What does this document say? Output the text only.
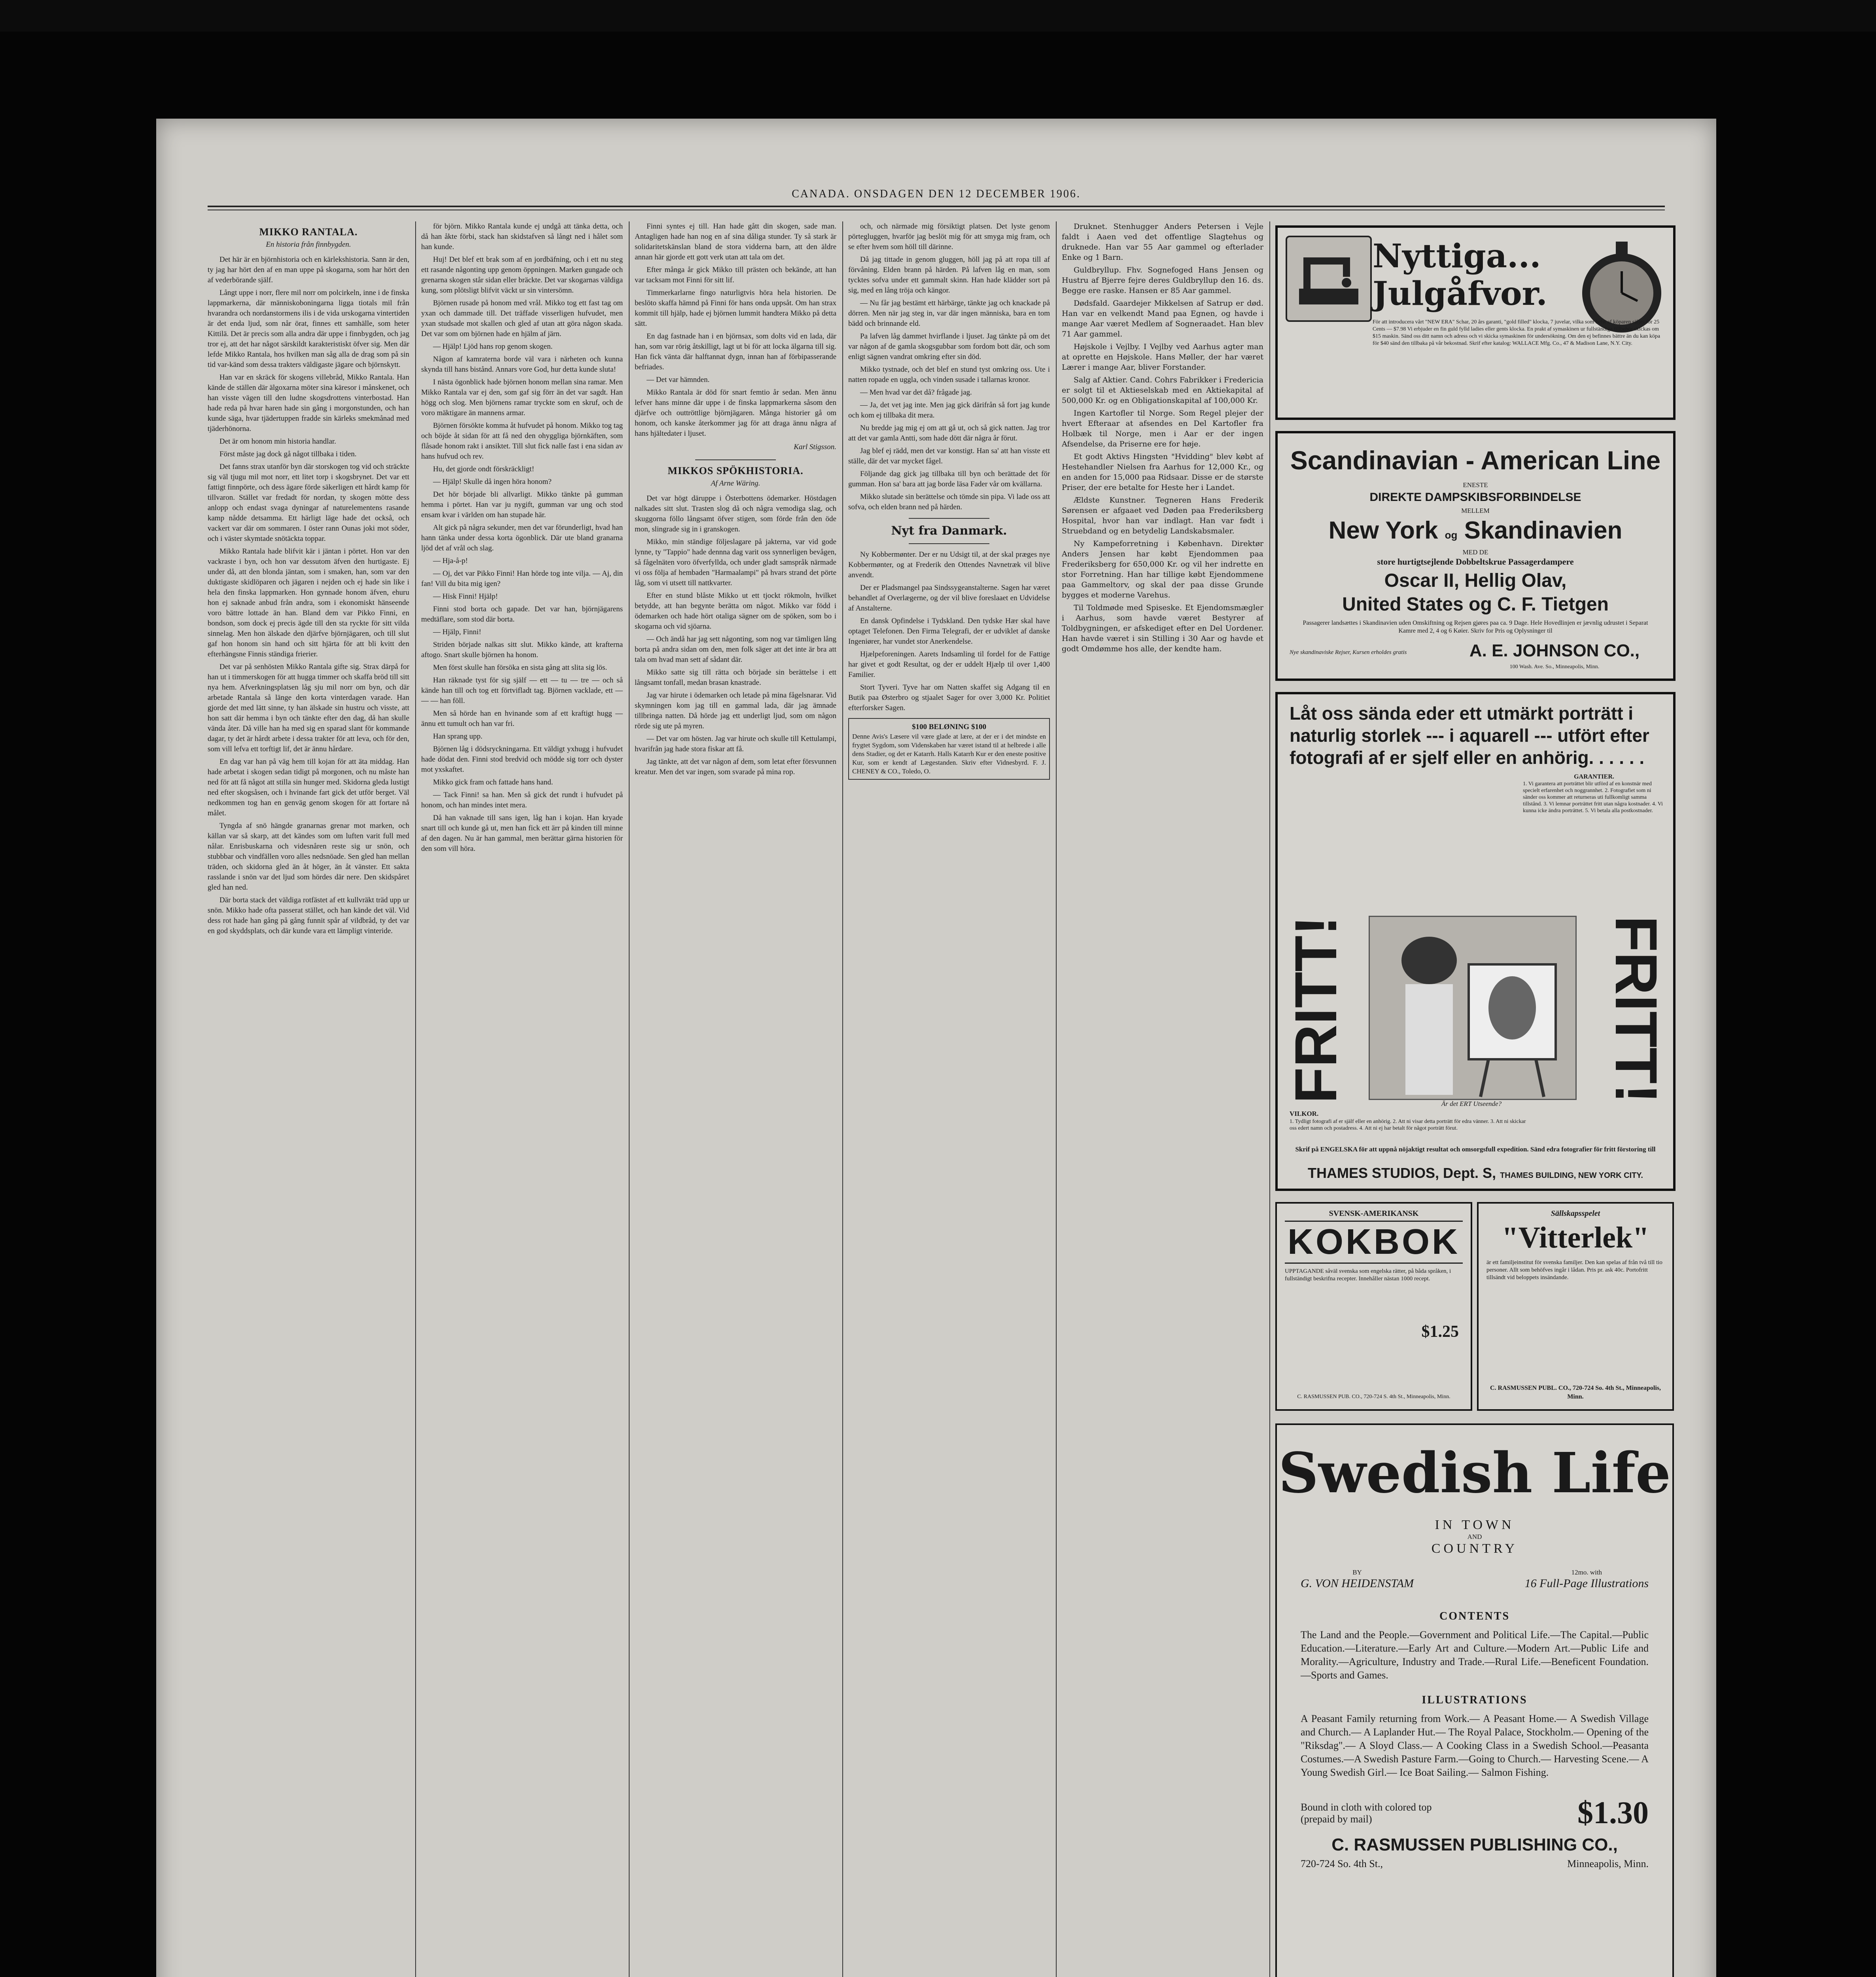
CANADA. ONSDAGEN DEN 12 DECEMBER 1906.
MIKKO RANTALA.
En historia från finnbygden.

Det här är en björnhistoria och en kärlekshistoria. Sann är den, ty jag har hört den af en man uppe på skogarna, som har hört den af vederbörande själf.

Långt uppe i norr, flere mil norr om polcirkeln, inne i de finska lappmarkerna, där människoboningarna ligga tiotals mil från hvarandra och nordanstormens ilis i de vida urskogarna vintertiden är det enda ljud, som når örat, finnes ett samhälle, som heter Kittilä. Det är precis som alla andra där uppe i finnbygden, och jag tror ej, att det har något särskildt karakteristiskt öfver sig. Men där lefde Mikko Rantala, hos hvilken man såg alla de drag som på sin tid var-känd som dessa trakters väldigaste jägare och björnskytt.

Han var en skräck för skogens villebråd, Mikko Rantala. Han kände de ställen där älgoxarna möter sina käresor i månskenet, och han visste vägen till den ludne skogsdrottens vinterbostad. Han hade reda på hvar haren hade sin gång i morgonstunden, och han kunde säga, hvar tjädertuppen fradde sin kärleks smekmånad med tjäderhönorna.

Det är om honom min historia handlar.

Först måste jag dock gå något tillbaka i tiden.

Det fanns strax utanför byn där storskogen tog vid och sträckte sig väl tjugu mil mot norr, ett litet torp i skogsbrynet. Det var ett fattigt finnpörte, och dess ägare förde säkerligen ett hårdt kamp för tillvaron. Stället var fredadt för nordan, ty skogen mötte dess anlopp och endast svaga dyningar af naturelementens rasande kamp nådde detsamma. Ett härligt läge hade det också, och vackert var där om sommaren. I öster rann Ounas joki mot söder, och i väster skymtade snötäckta toppar.

Mikko Rantala hade blifvit kär i jäntan i pörtet. Hon var den vackraste i byn, och hon var dessutom äfven den hurtigaste. Ej under då, att den blonda jäntan, som i smaken, han, som var den duktigaste skidlöparen och jägaren i nejden och ej hade sin like i hela den finska lappmarken. Hon gynnade honom äfven, ehuru hon ej saknade anbud från andra, som i ekonomiskt hänseende voro bättre lottade än han. Bland dem var Pikko Finni, en bondson, som dock ej precis ägde till den sta ryckte för sitt vilda sinnelag. Men hon älskade den djärfve björnjägaren, och till slut gaf hon honom sin hand och sitt hjärta för att bli kvitt den efterhängsne Finnis ständiga frierier.

Det var på senhösten Mikko Rantala gifte sig. Strax därpå for han ut i timmerskogen för att hugga timmer och skaffa bröd till sitt nya hem. Afverkningsplatsen låg sju mil norr om byn, och där arbetade Rantala så länge den korta vinterdagen varade. Han gjorde det med lätt sinne, ty han älskade sin hustru och visste, att hon satt där hemma i byn och tänkte efter den dag, då han skulle vända åter. Då ville han ha med sig en sparad slant för kommande dagar, ty det är hårdt arbete i dessa trakter för att leva, och för den, som vill lefva ett torftigt lif, det är ännu hårdare.

En dag var han på väg hem till kojan för att äta middag. Han hade arbetat i skogen sedan tidigt på morgonen, och nu måste han ned för att få något att stilla sin hunger med. Skidorna gleda lustigt ned efter skogsåsen, och i hvinande fart gick det utför berget. Väl nedkommen tog han en genväg genom skogen för att fortare nå målet.

Tyngda af snö hängde granarnas grenar mot marken, och källan var så skarp, att det kändes som om luften varit full med nålar. Enrisbuskarna och videsnåren reste sig ur snön, och stubbbar och vindfällen voro alles nedsnöade. Sen gled han mellan träden, och skidorna gled än åt höger, än åt vänster. Ett sakta rasslande i snön var det ljud som hördes där nere. Den skidspåret gled han ned.

Där borta stack det väldiga rotfästet af ett kullvräkt träd upp ur snön. Mikko hade ofta passerat stället, och han kände det väl. Vid dess rot hade han gång på gång funnit spår af vildbråd, ty det var en god skyddsplats, och där kunde vara ett lämpligt vinteride.

för björn. Mikko Rantala kunde ej undgå att tänka detta, och då han åkte förbi, stack han skidstafven så långt ned i hålet som han kunde.

Huj! Det blef ett brak som af en jordbäfning, och i ett nu steg ett rasande någonting upp genom öppningen. Marken gungade och grenarna skogen står sidan eller bräckte. Det var skogarnas väldiga kung, som plötsligt blifvit väckt ur sin vintersömn.

Björnen rusade på honom med vrål. Mikko tog ett fast tag om yxan och dammade till. Det träffade visserligen hufvudet, men yxan studsade mot skallen och gled af utan att göra någon skada. Det var som om björnen hade en hjälm af järn.

— Hjälp! Ljöd hans rop genom skogen.

Någon af kamraterna borde väl vara i närheten och kunna skynda till hans bistånd. Annars vore God, hur detta kunde sluta!

I nästa ögonblick hade björnen honom mellan sina ramar. Men Mikko Rantala var ej den, som gaf sig förr än det var sagdt. Han högg och slog. Men björnens ramar tryckte som en skruf, och de voro mäktigare än mannens armar.

Björnen försökte komma åt hufvudet på honom. Mikko tog tag och böjde åt sidan för att få ned den ohyggliga björnkäften, som flåsade honom rakt i ansiktet. Till slut fick nalle fast i ena sidan av hans hufvud och rev.

Hu, det gjorde ondt förskräckligt!

— Hjälp! Skulle då ingen höra honom?

Det hör började bli allvarligt. Mikko tänkte på gumman hemma i pörtet. Han var ju nygift, gumman var ung och stod ensam kvar i världen om han stupade här.

Alt gick på några sekunder, men det var förunderligt, hvad han hann tänka under dessa korta ögonblick. Där ute bland granarna ljöd det af vrål och slag.

— Hja-å-p!

— Oj, det var Pikko Finni! Han hörde tog inte vilja. — Aj, din fan! Vill du bita mig igen?

— Hisk Finni! Hjälp!

Finni stod borta och gapade. Det var han, björnjägarens medtäflare, som stod där borta.

— Hjälp, Finni!

Striden började nalkas sitt slut. Mikko kände, att krafterna aftogo. Snart skulle björnen ha honom.

Men först skulle han försöka en sista gång att slita sig lös.

Han räknade tyst för sig själf — ett — tu — tre — och så kände han till och tog ett förtvifladt tag. Björnen vacklade, ett — — — han föll.

Men så hörde han en hvinande som af ett kraftigt hugg — ännu ett tumult och han var fri.

Han sprang upp.

Björnen låg i dödsryckningarna. Ett väldigt yxhugg i hufvudet hade dödat den. Finni stod bredvid och mödde sig torr och dyster mot yxskaftet.

Mikko gick fram och fattade hans hand.

— Tack Finni! sa han. Men så gick det rundt i hufvudet på honom, och han mindes intet mera.

Då han vaknade till sans igen, låg han i kojan. Han kryade snart till och kunde gå ut, men han fick ett ärr på kinden till minne af den dagen. Nu är han gammal, men berättar gärna historien för den som vill höra.

Finni syntes ej till. Han hade gått din skogen, sade man. Antagligen hade han nog en af sina dåliga stunder. Ty så stark är solidaritetskänslan bland de stora vidderna barn, att den äldre annan här gjorde ett gott verk utan att tala om det.

Efter många år gick Mikko till prästen och bekände, att han var tacksam mot Finni för sitt lif.

Timmerkarlarne fingo naturligtvis höra hela historien. De beslöto skaffa hämnd på Finni för hans onda uppsåt. Om han strax kommit till hjälp, hade ej björnen lummit handtera Mikko på detta sätt.

En dag fastnade han i en björnsax, som dolts vid en lada, där han, som var rörig åtskilligt, lagt ut bi för att locka älgarna till sig. Han fick vänta där halftannat dygn, innan han af förbipasserande befriades.

— Det var hämnden.

Mikko Rantala är död för snart femtio år sedan. Men ännu lefver hans minne där uppe i de finska lappmarkerna såsom den djärfve och outtröttlige björnjägaren. Många historier gå om honom, och kanske återkommer jag för att draga ännu några af hans hjältedater i ljuset.

Karl Stigsson.
MIKKOS SPÖKHISTORIA.
Af Arne Wäring.

Det var högt däruppe i Österbottens ödemarker. Höstdagen nalkades sitt slut. Trasten slog då och några vemodiga slag, och skuggorna föllo långsamt öfver stigen, som förde från den öde mon, slingrade sig in i granskogen.

Mikko, min ständige följeslagare på jakterna, var vid gode lynne, ty "Tappio" hade dennna dag varit oss synnerligen bevågen, så fågelnäten voro öfverfyllda, och under gladt samspråk närmade vi oss följa af hembaden "Harmaalampi" på hvars strand det pörte låg, som vi utsett till nattkvarter.

Efter en stund blåste Mikko ut ett tjockt rökmoln, hvilket betydde, att han begynte berätta om något. Mikko var född i ödemarken och hade hört otaliga sägner om de spöken, som bo i skogarna och vid sjöarna.

— Och ändå har jag sett någonting, som nog var tämligen lång borta på andra sidan om den, men folk säger att det inte är bra att tala om hvad man sett af sådant där.

Mikko satte sig till rätta och började sin berättelse i ett långsamt tonfall, medan brasan knastrade.

Jag var hirute i ödemarken och letade på mina fågelsnarar. Vid skymningen kom jag till en gammal lada, där jag ämnade tillbringa natten. Då hörde jag ett underligt ljud, som om någon rörde sig ute på myren.

— Det var om hösten. Jag var hirute och skulle till Kettulampi, hvarifrån jag hade stora fiskar att få.

Jag tänkte, att det var någon af dem, som letat efter försvunnen kreatur. Men det var ingen, som svarade på mina rop.

och, och närmade mig försiktigt platsen. Det lyste genom pörtegluggen, hvarför jag beslöt mig för att smyga mig fram, och se efter hvem som höll till därinne.

Då jag tittade in genom gluggen, höll jag på att ropa till af förvåning. Elden brann på härden. På lafven låg en man, som tycktes sofva under ett gammalt skinn. Han hade klädder sort på sig, med en lång tröja och kängor.

— Nu får jag bestämt ett härbärge, tänkte jag och knackade på dörren. Men när jag steg in, var där ingen människa, bara en tom bädd och brinnande eld.

Pa lafven låg dammet hvirflande i ljuset. Jag tänkte på om det var någon af de gamla skogsgubbar som fordom bott där, och som enligt sägnen vandrat omkring efter sin död.

Mikko tystnade, och det blef en stund tyst omkring oss. Ute i natten ropade en uggla, och vinden susade i tallarnas kronor.

— Men hvad var det då? frågade jag.

— Ja, det vet jag inte. Men jag gick därifrån så fort jag kunde och kom ej tillbaka dit mera.

Nu bredde jag mig ej om att gå ut, och så gick natten. Jag tror att det var gamla Antti, som hade dött där några år förut.

Jag blef ej rädd, men det var konstigt. Han sa' att han visste ett ställe, där det var mycket fågel.

Följande dag gick jag tillbaka till byn och berättade det för gumman. Hon sa' bara att jag borde läsa Fader vår om kvällarna.

Mikko slutade sin berättelse och tömde sin pipa. Vi lade oss att sofva, och elden brann ned på härden.

Nyt fra Danmark.

Ny Kobbermønter. Der er nu Udsigt til, at der skal præges nye Kobbermønter, og at Frederik den Ottendes Navnetræk vil blive anvendt.

Der er Pladsmangel paa Sindssygeanstalterne. Sagen har været behandlet af Overlægerne, og der vil blive foreslaaet en Udvidelse af Anstalterne.

En dansk Opfindelse i Tydskland. Den tydske Hær skal have optaget Telefonen. Den Firma Telegrafi, der er udviklet af danske Ingeniører, har vundet stor Anerkendelse.

Hjælpeforeningen. Aarets Indsamling til fordel for de Fattige har givet et godt Resultat, og der er uddelt Hjælp til over 1,400 Familier.

Stort Tyveri. Tyve har om Natten skaffet sig Adgang til en Butik paa Østerbro og stjaalet Sager for over 3,000 Kr. Politiet efterforsker Sagen.

$100 BELØNING $100
Denne Avis's Læsere vil være glade at lære, at der er i det mindste en frygtet Sygdom, som Videnskaben har været istand til at helbrede i alle dens Stadier, og det er Katarrh. Halls Katarrh Kur er den eneste positive Kur, som er kendt af Lægestanden. Skriv efter Vidnesbyrd. F. J. CHENEY & CO., Toledo, O.

Druknet. Stenhugger Anders Petersen i Vejle faldt i Aaen ved det offentlige Slagtehus og druknede. Han var 55 Aar gammel og efterlader Enke og 1 Barn.

Guldbryllup. Fhv. Sognefoged Hans Jensen og Hustru af Bjerre fejre deres Guldbryllup den 16. ds. Begge ere raske. Hansen er 85 Aar gammel.

Dødsfald. Gaardejer Mikkelsen af Satrup er død. Han var en velkendt Mand paa Egnen, og havde i mange Aar været Medlem af Sogneraadet. Han blev 71 Aar gammel.

Højskole i Vejlby. I Vejlby ved Aarhus agter man at oprette en Højskole. Hans Møller, der har været Lærer i mange Aar, bliver Forstander.

Salg af Aktier. Cand. Cohrs Fabrikker i Fredericia er solgt til et Aktieselskab med en Aktiekapital af 500,000 Kr. og en Obligationskapital af 100,000 Kr.

Ingen Kartofler til Norge. Som Regel plejer der hvert Efteraar at afsendes en Del Kartofler fra Holbæk til Norge, men i Aar er der ingen Afsendelse, da Priserne ere for høje.

Et godt Aktivs Hingsten "Hvidding" blev købt af Hestehandler Nielsen fra Aarhus for 12,000 Kr., og en anden for 15,000 paa Ridsaar. Disse er de største Priser, der ere betalte for Heste her i Landet.

Ældste Kunstner. Tegneren Hans Frederik Sørensen er afgaaet ved Døden paa Frederiksberg Hospital, hvor han var indlagt. Han var født i Struebdand og en betydelig Landskabsmaler.

Ny Kampeforretning i København. Direktør Anders Jensen har købt Ejendommen paa Frederiksberg for 650,000 Kr. og vil her indrette en stor Forretning. Han har tillige købt Ejendommene paa Gammeltorv, og skal der paa disse Grunde bygges et moderne Varehus.

Til Toldmøde med Spiseske. Et Ejendomsmægler i Aarhus, som havde været Bestyrer af Toldbygningen, er afskediget efter en Del Uordener. Han havde været i sin Stilling i 30 Aar og havde et godt Omdømme hos alle, der kendte ham.

Nyttiga...
Julgåfvor.
För att introducera vårt "NEW ERA" Schar, 20 års garanti, "gold filled" klocka, 7 juvelar, vilka som helst af köparen säljes för 25 Cents — $7.98 Vi erbjuder en fin guld fylld ladies eller gents klocka. En prakt af symaskinen ur fullständiga tillbehör skickas om $15 maskin. Sänd oss ditt namn och adress och vi skicka symaskinen för undersökning. Om den ej befinnes bättre än du kan köpa för $40 sänd den tillbaka på vår bekostnad. Skrif efter katalog: WALLACE Mfg. Co., 47 & Madison Lane, N.Y. City.
Scandinavian - American Line
ENESTE
DIREKTE DAMPSKIBSFORBINDELSE
MELLEM
New York og Skandinavien
MED DE
store hurtigtsejlende Dobbeltskrue Passagerdampere
Oscar II, Hellig Olav,
United States og C. F. Tietgen
Passagerer landsættes i Skandinavien uden Omskiftning og Rejsen gjøres paa ca. 9 Dage. Hele Hovedlinjen er jævnlig udrustet i Separat Kamre med 2, 4 og 6 Køier. Skriv for Pris og Oplysninger til
Nye skandinaviske Rejser, Kursen erholdes gratis	A. E. JOHNSON CO.,
100 Wash. Ave. So., Minneapolis, Minn.
Låt oss sända eder ett utmärkt porträtt i naturlig storlek --- i aquarell --- utfört efter fotografi af er sjelf eller en anhörig. . . . . .
GARANTIER.
1. Vi garantera att porträttet blir utförd af en konstnär med specielt erfarenhet och noggrannhet. 2. Fotografiet som ni sänder oss kommer att returneras uti fullkomligt samma tillstånd. 3. Vi lemnar porträttet fritt utan några kostnader. 4. Vi kunna icke ändra porträttet. 5. Vi betala alla postkostnader.
FRITT!	FRITT!
Är det ERT Utseende?
VILKOR.
1. Tydligt fotografi af er själf eller en anhörig. 2. Att ni visar detta porträtt för edra vänner. 3. Att ni skickar oss edert namn och postadress. 4. Att ni ej har betalt för något porträtt förut.
Skrif på ENGELSKA för att uppnå nöjaktigt resultat och omsorgsfull expedition. Sänd edra fotografier för fritt förstoring till
THAMES STUDIOS, Dept. S, THAMES BUILDING, NEW YORK CITY.
SVENSK-AMERIKANSK
KOKBOK
UPPTAGANDE såväl svenska som engelska rätter, på båda språken, i fullständigt beskrifna recepter. Innehåller nästan 1000 recept.
$1.25
C. RASMUSSEN PUB. CO., 720-724 S. 4th St., Minneapolis, Minn.
Sällskapsspelet
"Vitterlek"
är ett familjeinstitut för svenska familjer. Den kan spelas af från två till tio personer. Allt som behöfves ingår i lådan. Pris pr. ask 40c. Portofritt tillsändt vid beloppets insändande.
C. RASMUSSEN PUBL. CO., 720-724 So. 4th St., Minneapolis, Minn.
Swedish Life
IN TOWN
AND
COUNTRY
BY
G. VON HEIDENSTAM
12mo. with
16 Full-Page Illustrations
CONTENTS
The Land and the People.—Government and Political Life.—The Capital.—Public Education.—Literature.—Early Art and Culture.—Modern Art.—Public Life and Morality.—Agriculture, Industry and Trade.—Rural Life.—Beneficent Foundation.—Sports and Games.
ILLUSTRATIONS
A Peasant Family returning from Work.— A Peasant Home.— A Swedish Village and Church.— A Laplander Hut.— The Royal Palace, Stockholm.— Opening of the "Riksdag".— A Sloyd Class.— A Cooking Class in a Swedish School.—Peasanta Costumes.—A Swedish Pasture Farm.—Going to Church.— Harvesting Scene.— A Young Swedish Girl.— Ice Boat Sailing.— Salmon Fishing.
Bound in cloth with colored top
(prepaid by mail)	$1.30
C. RASMUSSEN PUBLISHING CO.,
720-724 So. 4th St.,	Minneapolis, Minn.
